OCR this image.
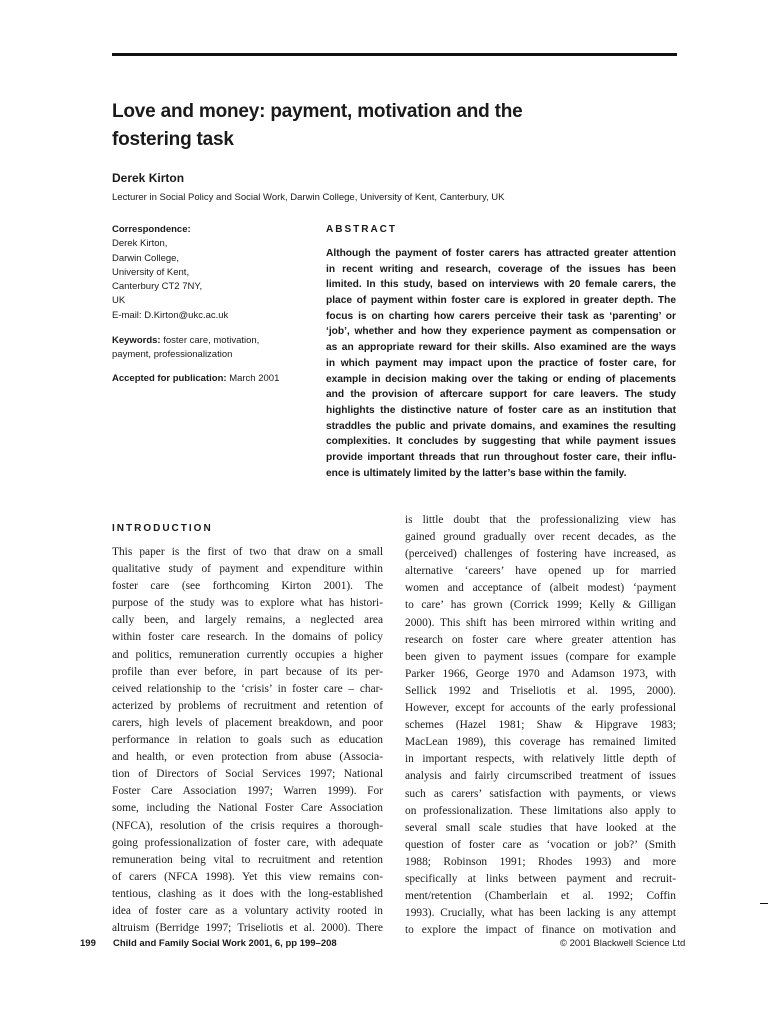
Love and money: payment, motivation and the
fostering task

Derek Kirton

Lecturer in Social Policy and Social Work, Darwin College, University of Kent, Canterbury, UK

Correspondence:
Derek Kirton,
Darwin College,
University of Kent,
Canterbury CT2 7NY,
UK
E-mail: D.Kirton@ukc.ac.uk
Keywords: foster care, motivation,
payment, professionalization
Accepted for publication: March 2001
ABSTRACT
Although the payment of foster carers has attracted greater attention
in recent writing and research, coverage of the issues has been
limited. In this study, based on interviews with 20 female carers, the
place of payment within foster care is explored in greater depth. The
focus is on charting how carers perceive their task as ‘parenting’ or
‘job’, whether and how they experience payment as compensation or
as an appropriate reward for their skills. Also examined are the ways
in which payment may impact upon the practice of foster care, for
example in decision making over the taking or ending of placements
and the provision of aftercare support for care leavers. The study
highlights the distinctive nature of foster care as an institution that
straddles the public and private domains, and examines the resulting
complexities. It concludes by suggesting that while payment issues
provide important threads that run throughout foster care, their influ-
ence is ultimately limited by the latter’s base within the family.
INTRODUCTION
This paper is the first of two that draw on a small
qualitative study of payment and expenditure within
foster care (see forthcoming Kirton 2001). The
purpose of the study was to explore what has histori-
cally been, and largely remains, a neglected area
within foster care research. In the domains of policy
and politics, remuneration currently occupies a higher
profile than ever before, in part because of its per-
ceived relationship to the ‘crisis’ in foster care – char-
acterized by problems of recruitment and retention of
carers, high levels of placement breakdown, and poor
performance in relation to goals such as education
and health, or even protection from abuse (Associa-
tion of Directors of Social Services 1997; National
Foster Care Association 1997; Warren 1999). For
some, including the National Foster Care Association
(NFCA), resolution of the crisis requires a thorough-
going professionalization of foster care, with adequate
remuneration being vital to recruitment and retention
of carers (NFCA 1998). Yet this view remains con-
tentious, clashing as it does with the long-established
idea of foster care as a voluntary activity rooted in
altruism (Berridge 1997; Triseliotis et al. 2000). There
is little doubt that the professionalizing view has
gained ground gradually over recent decades, as the
(perceived) challenges of fostering have increased, as
alternative ‘careers’ have opened up for married
women and acceptance of (albeit modest) ‘payment
to care’ has grown (Corrick 1999; Kelly & Gilligan
2000). This shift has been mirrored within writing and
research on foster care where greater attention has
been given to payment issues (compare for example
Parker 1966, George 1970 and Adamson 1973, with
Sellick 1992 and Triseliotis et al. 1995, 2000).
However, except for accounts of the early professional
schemes (Hazel 1981; Shaw & Hipgrave 1983;
MacLean 1989), this coverage has remained limited
in important respects, with relatively little depth of
analysis and fairly circumscribed treatment of issues
such as carers’ satisfaction with payments, or views
on professionalization. These limitations also apply to
several small scale studies that have looked at the
question of foster care as ‘vocation or job?’ (Smith
1988; Robinson 1991; Rhodes 1993) and more
specifically at links between payment and recruit-
ment/retention (Chamberlain et al. 1992; Coffin
1993). Crucially, what has been lacking is any attempt
to explore the impact of finance on motivation and
199 Child and Family Social Work 2001, 6, pp 199–208	© 2001 Blackwell Science Ltd
